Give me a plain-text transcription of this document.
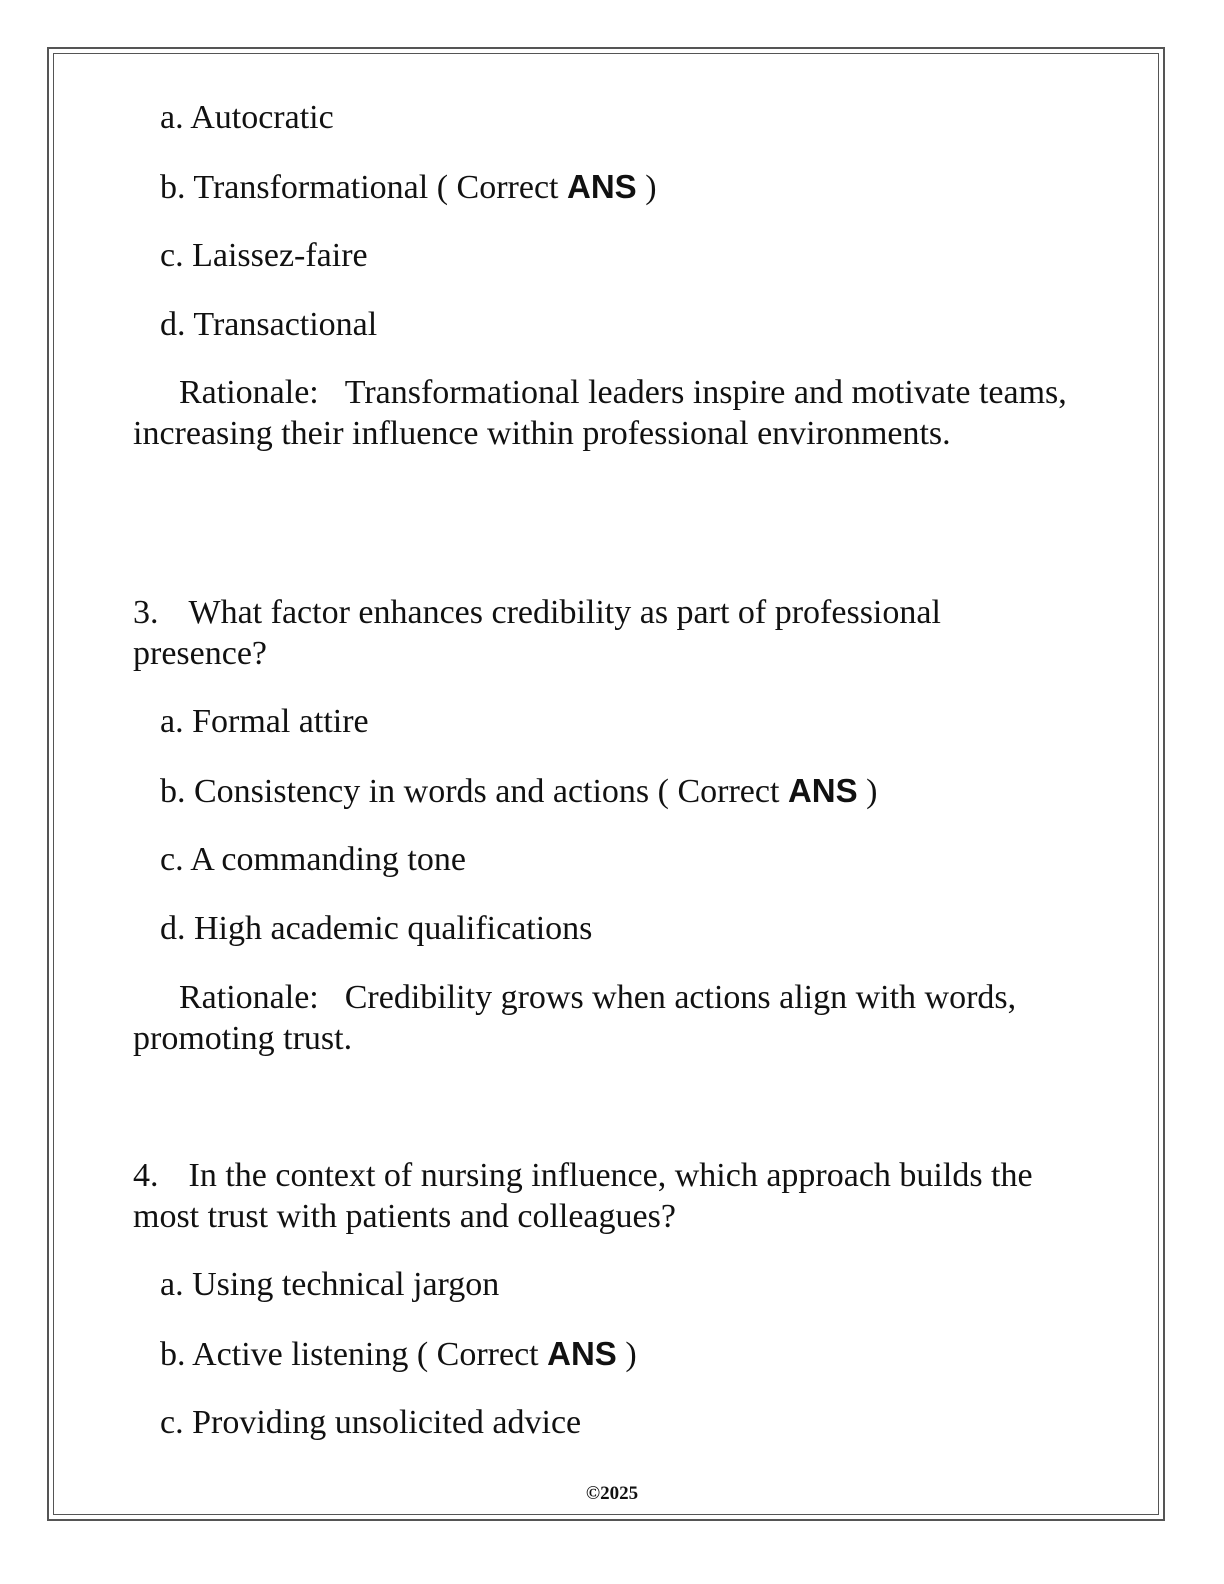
a. Autocratic
b. Transformational ( Correct ANS )
c. Laissez-faire
d. Transactional
Rationale: Transformational leaders inspire and motivate teams, increasing their influence within professional environments.
3. What factor enhances credibility as part of professional presence?
a. Formal attire
b. Consistency in words and actions ( Correct ANS )
c. A commanding tone
d. High academic qualifications
Rationale: Credibility grows when actions align with words, promoting trust.
4. In the context of nursing influence, which approach builds the most trust with patients and colleagues?
a. Using technical jargon
b. Active listening ( Correct ANS )
c. Providing unsolicited advice
©2025
